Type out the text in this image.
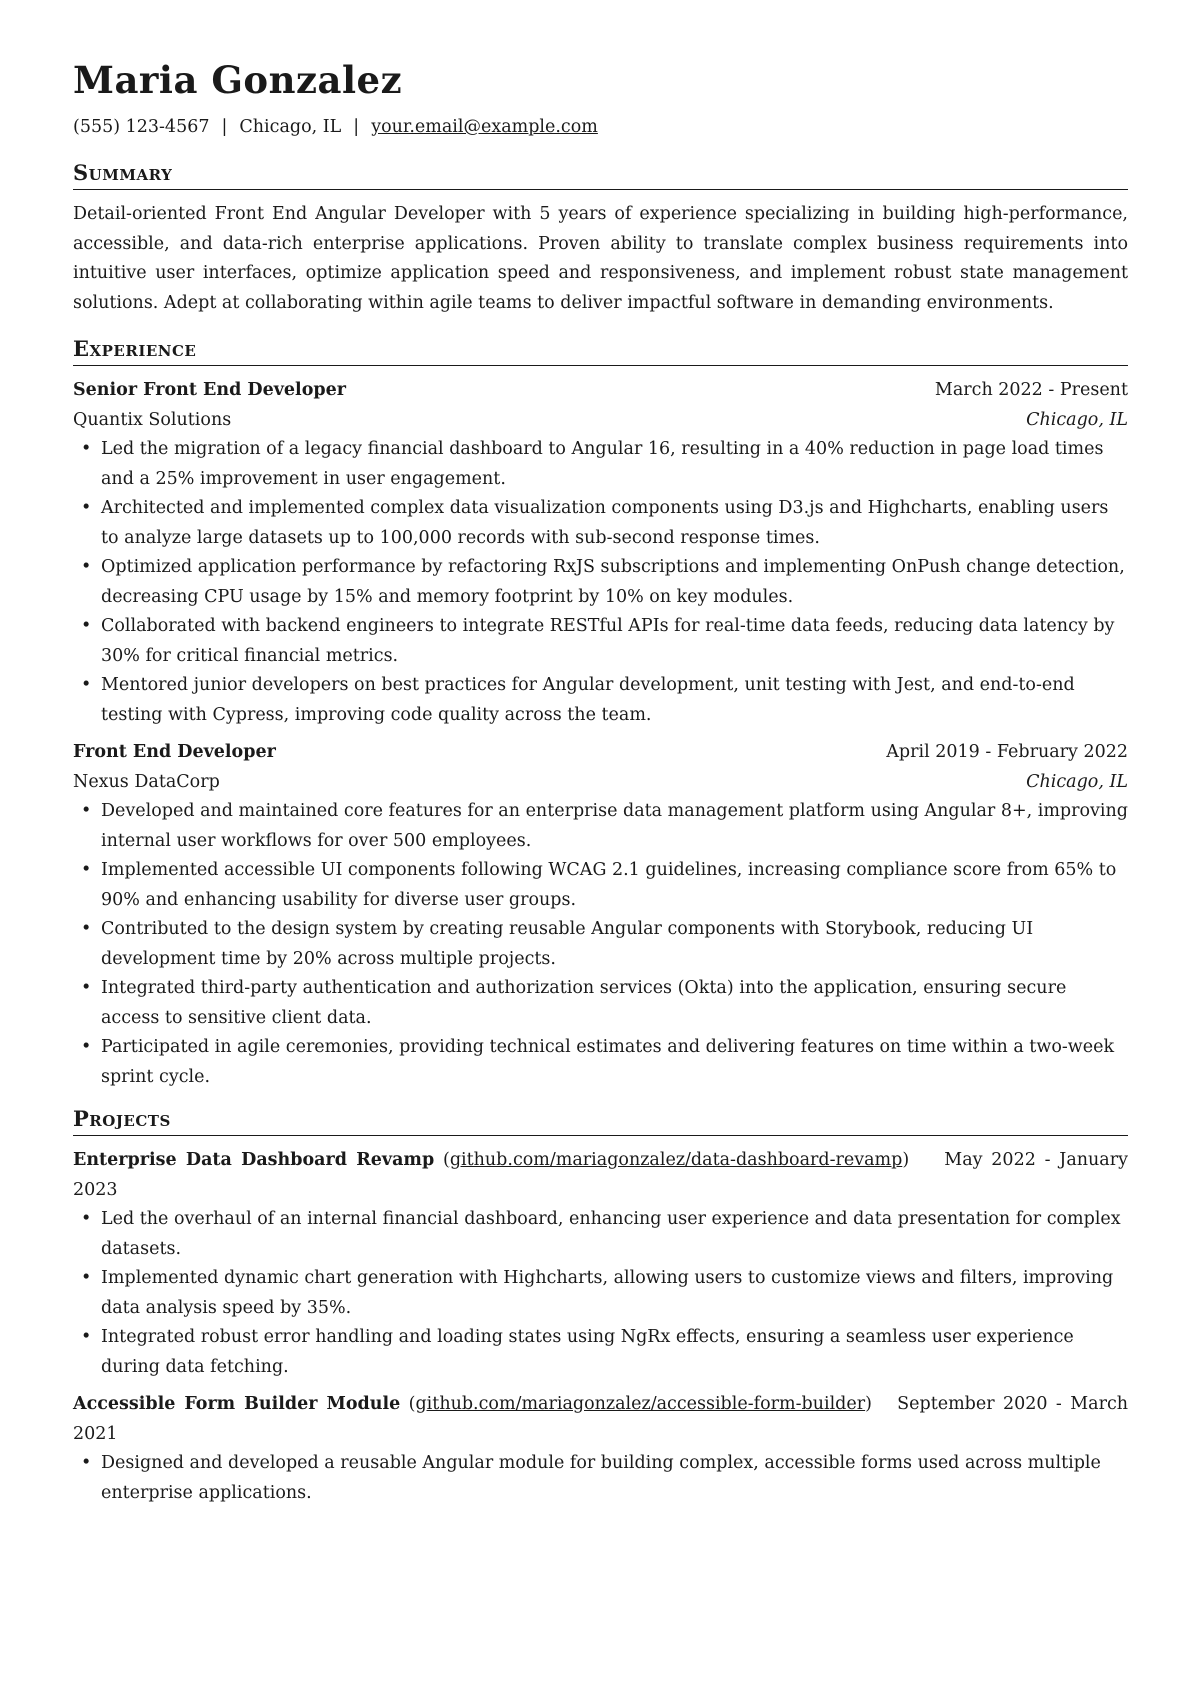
Maria Gonzalez
(555) 123-4567 | Chicago, IL | your.email@example.com
Summary
Detail-oriented Front End Angular Developer with 5 years of experience specializing in building high-performance, accessible, and data-rich enterprise applications. Proven ability to translate complex business requirements into intuitive user interfaces, optimize application speed and responsiveness, and implement robust state management solutions. Adept at collaborating within agile teams to deliver impactful software in demanding environments.
Experience
Senior Front End Developer	March 2022 - Present
Quantix Solutions	Chicago, IL
• Led the migration of a legacy financial dashboard to Angular 16, resulting in a 40% reduction in page load times and a 25% improvement in user engagement.
• Architected and implemented complex data visualization components using D3.js and Highcharts, enabling users to analyze large datasets up to 100,000 records with sub-second response times.
• Optimized application performance by refactoring RxJS subscriptions and implementing OnPush change detection, decreasing CPU usage by 15% and memory footprint by 10% on key modules.
• Collaborated with backend engineers to integrate RESTful APIs for real-time data feeds, reducing data latency by 30% for critical financial metrics.
• Mentored junior developers on best practices for Angular development, unit testing with Jest, and end-to-end testing with Cypress, improving code quality across the team.
Front End Developer	April 2019 - February 2022
Nexus DataCorp	Chicago, IL
• Developed and maintained core features for an enterprise data management platform using Angular 8+, improving internal user workflows for over 500 employees.
• Implemented accessible UI components following WCAG 2.1 guidelines, increasing compliance score from 65% to 90% and enhancing usability for diverse user groups.
• Contributed to the design system by creating reusable Angular components with Storybook, reducing UI development time by 20% across multiple projects.
• Integrated third-party authentication and authorization services (Okta) into the application, ensuring secure access to sensitive client data.
• Participated in agile ceremonies, providing technical estimates and delivering features on time within a two-week sprint cycle.
Projects
Enterprise Data Dashboard Revamp (github.com/mariagonzalez/data-dashboard-revamp)    May 2022 - January 2023
• Led the overhaul of an internal financial dashboard, enhancing user experience and data presentation for complex datasets.
• Implemented dynamic chart generation with Highcharts, allowing users to customize views and filters, improving data analysis speed by 35%.
• Integrated robust error handling and loading states using NgRx effects, ensuring a seamless user experience during data fetching.
Accessible Form Builder Module (github.com/mariagonzalez/accessible-form-builder)   September 2020 - March 2021
• Designed and developed a reusable Angular module for building complex, accessible forms used across multiple enterprise applications.
